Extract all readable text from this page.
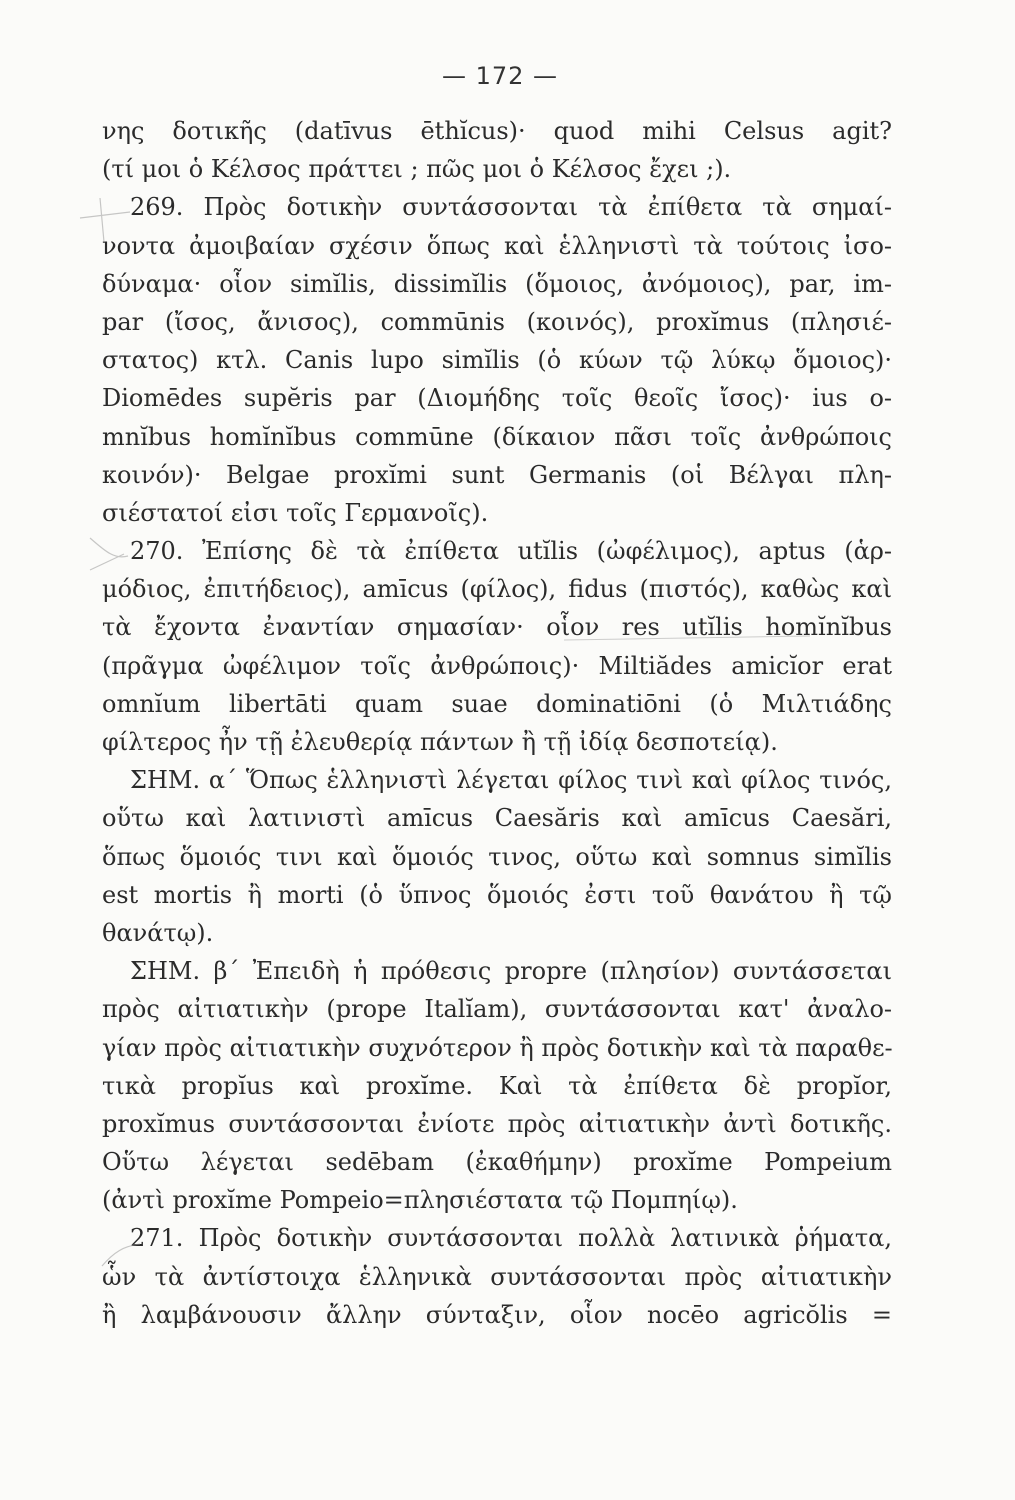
— 172 —
νης δοτικῆς (datīvus ēthĭcus)· quod mihi Celsus agit?
(τί μοι ὁ Κέλσος πράττει ; πῶς μοι ὁ Κέλσος ἔχει ;).
269. Πρὸς δοτικὴν συντάσσονται τὰ ἐπίθετα τὰ σημαί-
νοντα ἀμοιβαίαν σχέσιν ὅπως καὶ ἑλληνιστὶ τὰ τούτοις ἰσο-
δύναμα· οἷον simĭlis, dissimĭlis (ὅμοιος, ἀνόμοιος), par, im-
par (ἴσος, ἄνισος), commūnis (κοινός), proxĭmus (πλησιέ-
στατος) κτλ. Canis lupo simĭlis (ὁ κύων τῷ λύκῳ ὅμοιος)·
Diomēdes supĕris par (Διομήδης τοῖς θεοῖς ἴσος)· ius o-
mnĭbus homĭnĭbus commūne (δίκαιον πᾶσι τοῖς ἀνθρώποις
κοινόν)· Belgae proxĭmi sunt Germanis (οἱ Βέλγαι πλη-
σιέστατοί εἰσι τοῖς Γερμανοῖς).
270. Ἐπίσης δὲ τὰ ἐπίθετα utĭlis (ὠφέλιμος), aptus (ἁρ-
μόδιος, ἐπιτήδειος), amīcus (φίλος), fidus (πιστός), καθὼς καὶ
τὰ ἔχοντα ἐναντίαν σημασίαν· οἷον res utĭlis homĭnĭbus
(πρᾶγμα ὠφέλιμον τοῖς ἀνθρώποις)· Miltiădes amicĭor erat
omnĭum libertāti quam suae dominatiōni (ὁ Μιλτιάδης
φίλτερος ἦν τῇ ἐλευθερίᾳ πάντων ἢ τῇ ἰδίᾳ δεσποτείᾳ).
ΣΗΜ. α´ Ὅπως ἑλληνιστὶ λέγεται φίλος τινὶ καὶ φίλος τινός,
οὕτω καὶ λατινιστὶ amīcus Caesăris καὶ amīcus Caesări,
ὅπως ὅμοιός τινι καὶ ὅμοιός τινος, οὕτω καὶ somnus simĭlis
est mortis ἢ morti (ὁ ὕπνος ὅμοιός ἐστι τοῦ θανάτου ἢ τῷ
θανάτῳ).
ΣΗΜ. β´ Ἐπειδὴ ἡ πρόθεσις propre (πλησίον) συντάσσεται
πρὸς αἰτιατικὴν (prope Italĭam), συντάσσονται κατ' ἀναλο-
γίαν πρὸς αἰτιατικὴν συχνότερον ἢ πρὸς δοτικὴν καὶ τὰ παραθε-
τικὰ propĭus καὶ proxĭme. Καὶ τὰ ἐπίθετα δὲ propĭor,
proxĭmus συντάσσονται ἐνίοτε πρὸς αἰτιατικὴν ἀντὶ δοτικῆς.
Οὕτω λέγεται sedēbam (ἐκαθήμην) proxĭme Pompeium
(ἀντὶ proxĭme Pompeio=πλησιέστατα τῷ Πομπηίῳ).
271. Πρὸς δοτικὴν συντάσσονται πολλὰ λατινικὰ ῥήματα,
ὧν τὰ ἀντίστοιχα ἑλληνικὰ συντάσσονται πρὸς αἰτιατικὴν
ἢ λαμβάνουσιν ἄλλην σύνταξιν, οἷον nocēo agricŏlis =
